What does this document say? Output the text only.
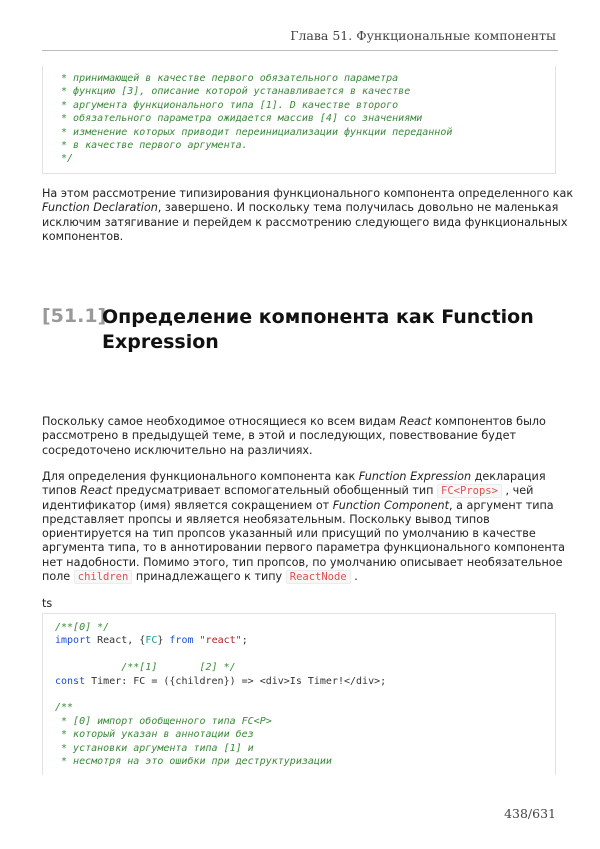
Глава 51. Функциональные компоненты
* принимающей в качестве первого обязательного параметра
* функцию [3], описание которой устанавливается в качестве
* аргумента функционального типа [1]. D качестве второго
* обязательного параметра ожидается массив [4] со значениями
* изменение которых приводит переинициализации функции переданной
* в качестве первого аргумента.
*/
На этом рассмотрение типизирования функционального компонента определенного как
Function Declaration, завершено. И поскольку тема получилась довольно не маленькая
исключим затягивание и перейдем к рассмотрению следующего вида функциональных
компонентов.
[51.1]
Определение компонента как Function
Expression
Поскольку самое необходимое относящиеся ко всем видам React компонентов было
рассмотрено в предыдущей теме, в этой и последующих, повествование будет
сосредоточено исключительно на различиях.
Для определения функционального компонента как Function Expression декларация
типов React предусматривает вспомогательный обобщенный тип FC<Props> , чей
идентификатор (имя) является сокращением от Function Component, а аргумент типа
представляет пропсы и является необязательным. Поскольку вывод типов
ориентируется на тип пропсов указанный или присущий по умолчанию в качестве
аргумента типа, то в аннотировании первого параметра функционального компонента
нет надобности. Помимо этого, тип пропсов, по умолчанию описывает необязательное
поле children принадлежащего к типу ReactNode .
ts
/**[0] */
import React, {FC} from "react";
/**[1]       [2] */
const Timer: FC = ({children}) => <div>Is Timer!</div>;
/**
* [0] импорт обобщенного типа FC<P>
* который указан в аннотации без
* установки аргумента типа [1] и
* несмотря на это ошибки при деструктуризации
438/631
